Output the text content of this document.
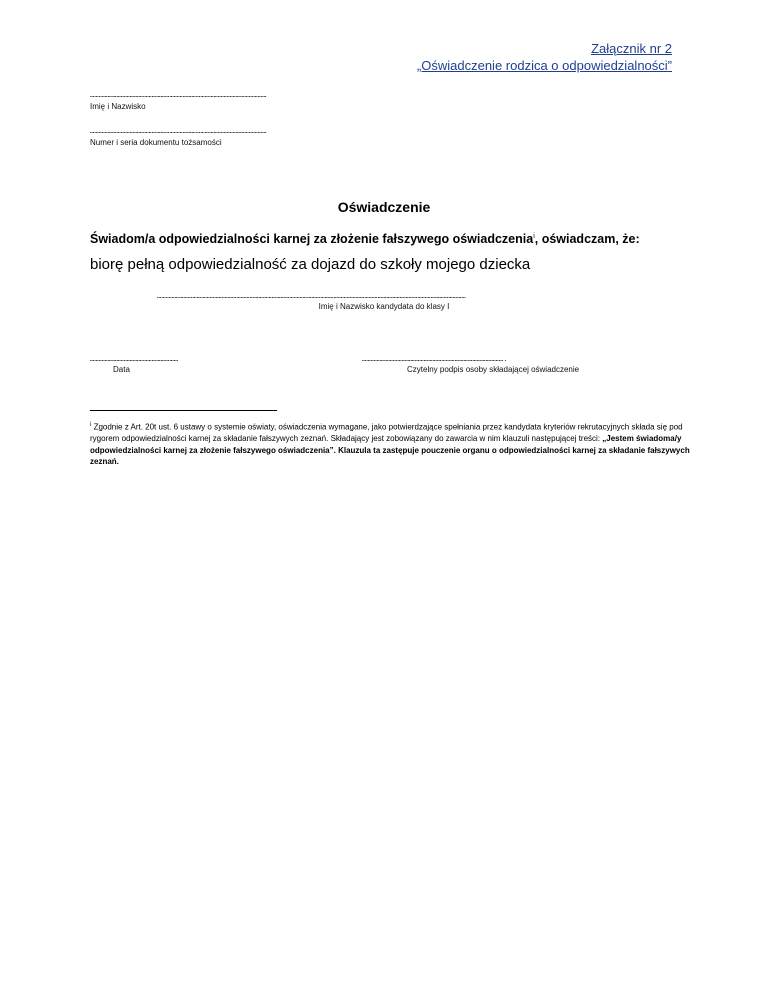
Załącznik nr 2
„Oświadczenie rodzica o odpowiedzialności”
…………………………………………………………………………………………………………
Imię i Nazwisko
…………………………………………………………………………………………………………
Numer i seria dokumentu tożsamości
Oświadczenie
Świadom/a odpowiedzialności karnej za złożenie fałszywego oświadczenia$^i$, oświadczam, że:
biorę pełną odpowiedzialność za dojazd do szkoły mojego dziecka
…………………………………………………………………………………………………………………………………………………………………………………………
Imię i Nazwisko kandydata do klasy I
……………………………………………………
Data
…………………………………………………………………………………….
Czytelny podpis osoby składającej oświadczenie
$^i$ Zgodnie z Art. 20t ust. 6 ustawy o systemie oświaty, oświadczenia wymagane, jako potwierdzające spełniania przez kandydata kryteriów rekrutacyjnych składa się pod rygorem odpowiedzialności karnej za składanie fałszywych zeznań. Składający jest zobowiązany do zawarcia w nim klauzuli następującej treści: „Jestem świadoma/y odpowiedzialności karnej za złożenie fałszywego oświadczenia”. Klauzula ta zastępuje pouczenie organu o odpowiedzialności karnej za składanie fałszywych zeznań.
